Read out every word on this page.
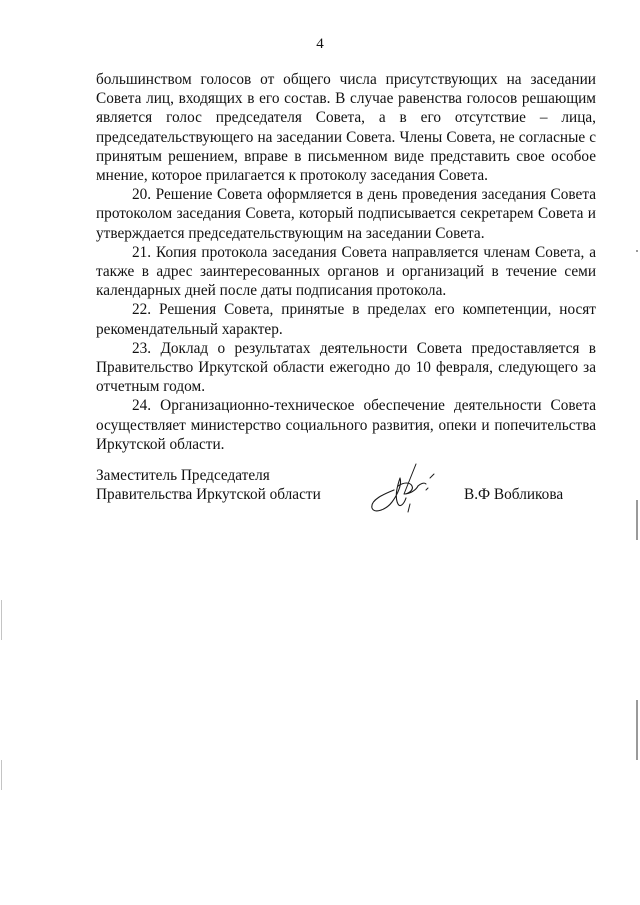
4

большинством голосов от общего числа присутствующих на заседании Совета лиц, входящих в его состав. В случае равенства голосов решающим является голос председателя Совета, а в его отсутствие – лица, председательствующего на заседании Совета. Члены Совета, не согласные с принятым решением, вправе в письменном виде представить свое особое мнение, которое прилагается к протоколу заседания Совета.

20. Решение Совета оформляется в день проведения заседания Совета протоколом заседания Совета, который подписывается секретарем Совета и утверждается председательствующим на заседании Совета.

21. Копия протокола заседания Совета направляется членам Совета, а также в адрес заинтересованных органов и организаций в течение семи календарных дней после даты подписания протокола.

22. Решения Совета, принятые в пределах его компетенции, носят рекомендательный характер.

23. Доклад о результатах деятельности Совета предоставляется в Правительство Иркутской области ежегодно до 10 февраля, следующего за отчетным годом.

24. Организационно-техническое обеспечение деятельности Совета осуществляет министерство социального развития, опеки и попечительства Иркутской области.

Заместитель Председателя
Правительства Иркутской области	В.Ф Вобликова
